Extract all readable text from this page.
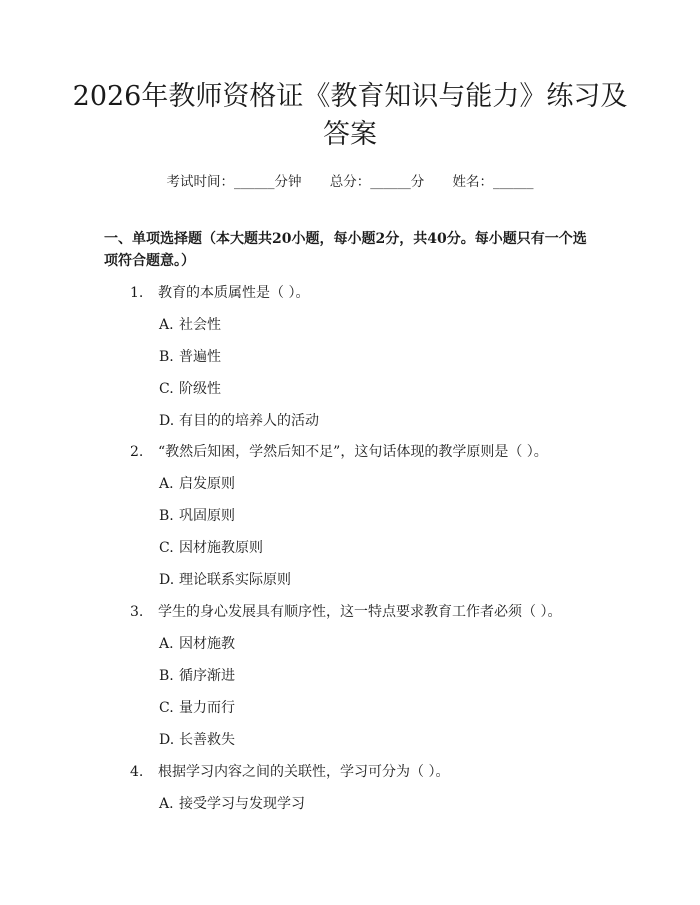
2026年教师资格证《教育知识与能力》练习及答案
考试时间：______分钟 总分：______分 姓名：______
一、单项选择题（本大题共20小题，每小题2分，共40分。每小题只有一个选项符合题意。）
1. 教育的本质属性是（ ）。
A. 社会性
B. 普遍性
C. 阶级性
D. 有目的的培养人的活动
2. “教然后知困，学然后知不足”，这句话体现的教学原则是（ ）。
A. 启发原则
B. 巩固原则
C. 因材施教原则
D. 理论联系实际原则
3. 学生的身心发展具有顺序性，这一特点要求教育工作者必须（ ）。
A. 因材施教
B. 循序渐进
C. 量力而行
D. 长善救失
4. 根据学习内容之间的关联性，学习可分为（ ）。
A. 接受学习与发现学习
